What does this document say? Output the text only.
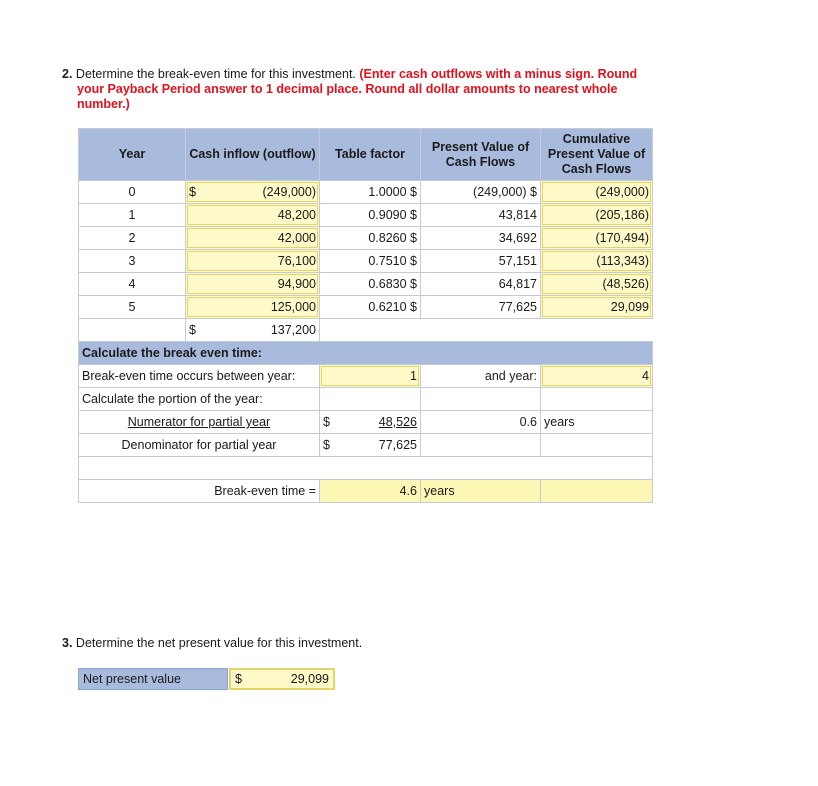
2. Determine the break-even time for this investment. (Enter cash outflows with a minus sign. Round
your Payback Period answer to 1 decimal place. Round all dollar amounts to nearest whole
number.)
Year	Cash inflow (outflow)	Table factor	Present Value of Cash Flows	Cumulative Present Value of Cash Flows
0	$ (249,000)	1.0000 $	(249,000) $	(249,000)
1	48,200	0.9090 $	43,814	(205,186)
2	42,000	0.8260 $	34,692	(170,494)
3	76,100	0.7510 $	57,151	(113,343)
4	94,900	0.6830 $	64,817	(48,526)
5	125,000	0.6210 $	77,625	29,099

	$ 137,200			
Calculate the break even time:				
Break-even time occurs between year:		1	and year:	4
Calculate the portion of the year:				
Numerator for partial year		$ 48,526	0.6	years
Denominator for partial year		$ 77,625		

Break-even time =		4.6	years	
3. Determine the net present value for this investment.
Net present value	$	29,099
